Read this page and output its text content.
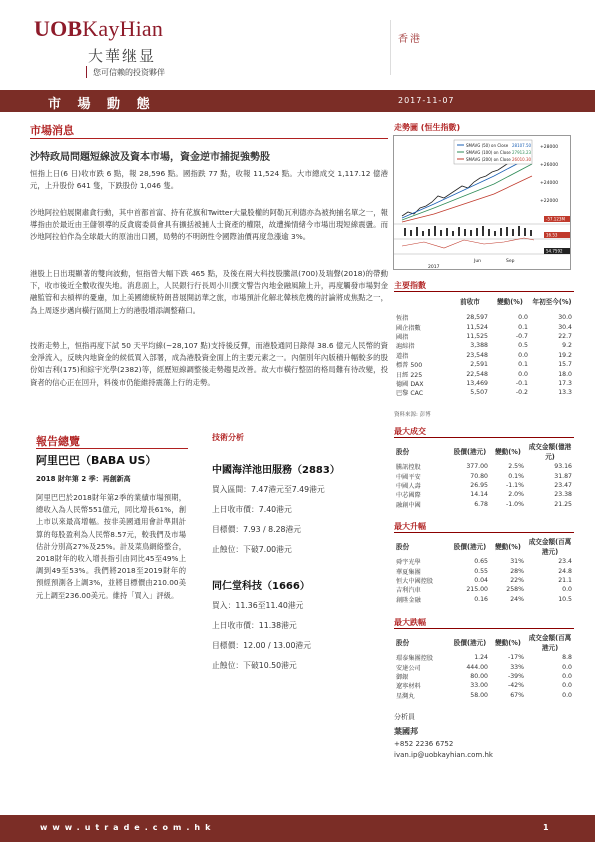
UOBKayHian
大華继显
您可信赖的投资夥伴
香港
市 場 動 態	2017-11-07
市場消息
沙特政局問題短線波及資本市場，資金逆市捕捉強勢股
恒指上日(6 日)收市跌 6 點，報 28,596 點。國指跌 77 點，收報 11,524 點。大市總成交 1,117.12 億港元，上升股份 641 隻，下跌股份 1,046 隻。
沙地阿拉伯展開肅貪行動，其中首都首富、持有花旗和Twitter大量股權的阿勒瓦利德亦為被拘捕名單之一，報導指由於最近由王儲領導的反貪腐委員會具有擴括被捕人士資產的權限，故遭操情緒今市場出現短線震盪。而沙地阿拉伯作為全球最大的原油出口國，局勢的不明朗性令國際油價再度急漲逾 3%。
港股上日出現顯著的雙向波動，恒指曾大幅下跌 465 點，及後在兩大科技股騰訊(700)及瑞聲(2018)的帶動下，收市後近全數收復失地。消息面上，人民銀行行長周小川撰文警告內地金融風險上升，再度觸發市場對金融監管和去槓桿的憂慮，加上美國總統特朗普展開訪華之旅，市場預計化解北韓核危機的討論將成焦點之一，為上周逐步邁向橫行區間上方的港股增添調整藉口。
技術走勢上，恒指再度下試 50 天平均線(~28,107 點)支持後反彈，而港股通同日錄得 38.6 億元人民幣的資金淨流入，反映內地資金的候低買入部署，成為港股資金面上的主要元素之一。內個別年內版積升幅較多的股份如吉利(175)和綜宇光學(2382)等，經歷短線調整後走勢趨見改善。故大市橫行整固的格局難有待改變，投資者的信心正在回升，料後市仍能維持震蕩上行的走勢。
走勢圖 (恒生指數)
SMAVG (50) on Close
SMAVG (100) on Close
SMAVG (200) on Close
28107.50
27913.23
26010.30
+28000
+26000
+24000
+22000
-57.123M
16.53
54.7592
Jun	Sep
2017
主要指數
	前收市	變動(%)	年初至今(%)

恆指	28,597	0.0	30.0
國企指數	11,524	0.1	30.4
國指	11,525	-0.7	22.7
滬綜指	3,388	0.5	9.2
道指	23,548	0.0	19.2
標普 500	2,591	0.1	15.7
日經 225	22,548	0.0	18.0
德國 DAX	13,469	-0.1	17.3
巴黎 CAC	5,507	-0.2	13.3
資料來源: 彭博
最大成交
股份	股價(港元)	變動(%)	成交金額(億港元)
騰訊控股	377.00	2.5%	93.16
中國平安	70.80	0.1%	31.87
中國人壽	26.95	-1.1%	23.47
中芯國際	14.14	2.0%	23.38
融創中國	6.78	-1.0%	21.25
最大升幅
股份	股價(港元)	變動(%)	成交金額(百萬港元)
舜宇光學	0.65	31%	23.4
華夏集團	0.55	28%	24.8
恒大中國控股	0.04	22%	21.1
吉利汽車	215.00	258%	0.0
創陞金融	0.16	24%	10.5
最大跌幅
股份	股價(港元)	變動(%)	成交金額(百萬港元)
璟泰集團控股	1.24	-17%	8.8
安達公司	444.00	33%	0.0
御銀	80.00	-39%	0.0
遼寧材料	33.00	-42%	0.0
星灣丸	58.00	67%	0.0
分析員
葉國邦
+852 2236 6752
ivan.ip@uobkayhian.com.hk
報告總覽
阿里巴巴（BABA US）
2018 財年第 2 季：再創新高
阿里巴巴於2018財年第2季的業績市場預期，總收入為人民幣551億元，同比增長61%，創上市以來最高增幅。按非美國通用會計準則計算的每股盈利為人民幣8.57元，較我們及市場估計分別高27%及25%。計及菜鳥網絡整合，2018財年的收入增長指引由同比45至49%上調到49至53%。我們將2018至2019財年的預經預測各上調3%，並將目標價由210.00美元上調至236.00美元。維持「買入」評級。
技術分析
中國海洋池田服務（2883）
買入區間：7.47港元至7.49港元
上日收市價：7.40港元
目標價：7.93 / 8.28港元
止蝕位：下破7.00港元
同仁堂科技（1666）
買入：11.36至11.40港元
上日收市價：11.38港元
目標價：12.00 / 13.00港元
止蝕位：下破10.50港元
www.utrade.com.hk	1
